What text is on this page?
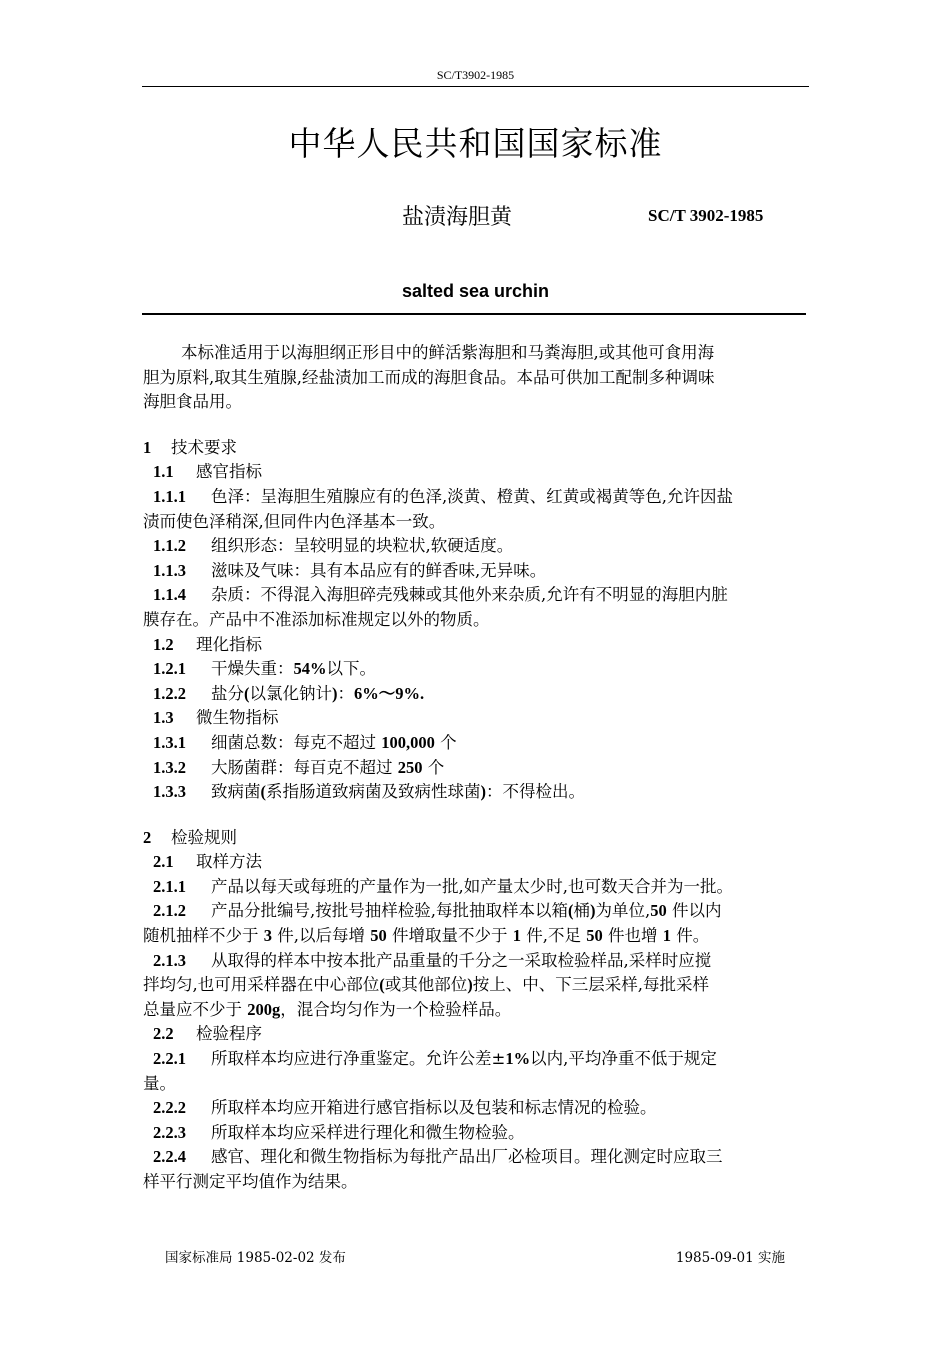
SC/T3902-1985
中华人民共和国国家标准
盐渍海胆黄	SC/T 3902-1985
salted sea urchin

本标准适用于以海胆纲正形目中的鲜活紫海胆和马粪海胆,或其他可食用海

胆为原料,取其生殖腺,经盐渍加工而成的海胆食品。本品可供加工配制多种调味

海胆食品用。

1 技术要求

1.1 感官指标

1.1.1 色泽：呈海胆生殖腺应有的色泽,淡黄、橙黄、红黄或褐黄等色,允许因盐

渍而使色泽稍深,但同件内色泽基本一致。

1.1.2 组织形态：呈较明显的块粒状,软硬适度。

1.1.3 滋味及气味：具有本品应有的鲜香味,无异味。

1.1.4 杂质：不得混入海胆碎壳残棘或其他外来杂质,允许有不明显的海胆内脏

膜存在。产品中不准添加标准规定以外的物质。

1.2 理化指标

1.2.1 干燥失重：54%以下。

1.2.2 盐分(以氯化钠计)：6%～9%.

1.3 微生物指标

1.3.1 细菌总数：每克不超过 100,000 个

1.3.2 大肠菌群：每百克不超过 250 个

1.3.3 致病菌(系指肠道致病菌及致病性球菌)：不得检出。

2 检验规则

2.1 取样方法

2.1.1 产品以每天或每班的产量作为一批,如产量太少时,也可数天合并为一批。

2.1.2 产品分批编号,按批号抽样检验,每批抽取样本以箱(桶)为单位,50 件以内

随机抽样不少于 3 件,以后每增 50 件增取量不少于 1 件,不足 50 件也增 1 件。

2.1.3 从取得的样本中按本批产品重量的千分之一采取检验样品,采样时应搅

拌均匀,也可用采样器在中心部位(或其他部位)按上、中、下三层采样,每批采样

总量应不少于 200g，混合均匀作为一个检验样品。

2.2 检验程序

2.2.1 所取样本均应进行净重鉴定。允许公差±1%以内,平均净重不低于规定

量。

2.2.2 所取样本均应开箱进行感官指标以及包装和标志情况的检验。

2.2.3 所取样本均应采样进行理化和微生物检验。

2.2.4 感官、理化和微生物指标为每批产品出厂必检项目。理化测定时应取三

样平行测定平均值作为结果。

国家标准局 1985-02-02 发布	1985-09-01 实施
